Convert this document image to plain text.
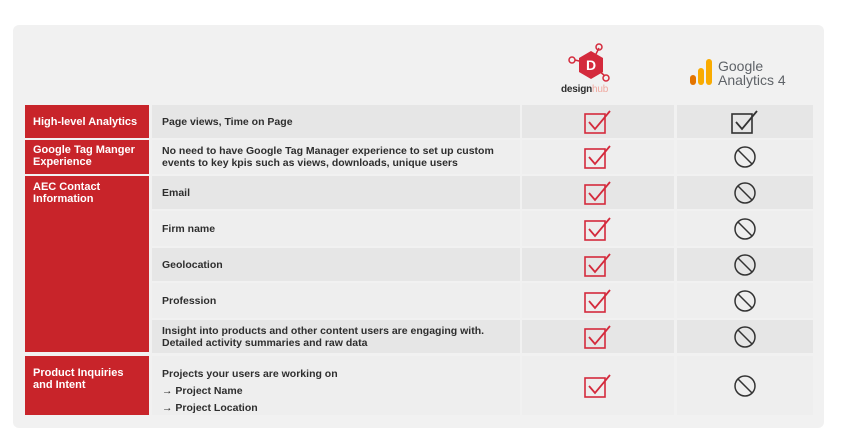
D
designhub
Google
Analytics 4
High-level Analytics
Google Tag Manger Experience
AEC Contact Information
Product Inquiries and Intent
Page views, Time on Page
No need to have Google Tag Manager experience to set up custom events to key kpis such as views, downloads, unique users
Email
Firm name
Geolocation
Profession
Insight into products and other content users are engaging with. Detailed activity summaries and raw data
Projects your users are working on
→ Project Name
→ Project Location
